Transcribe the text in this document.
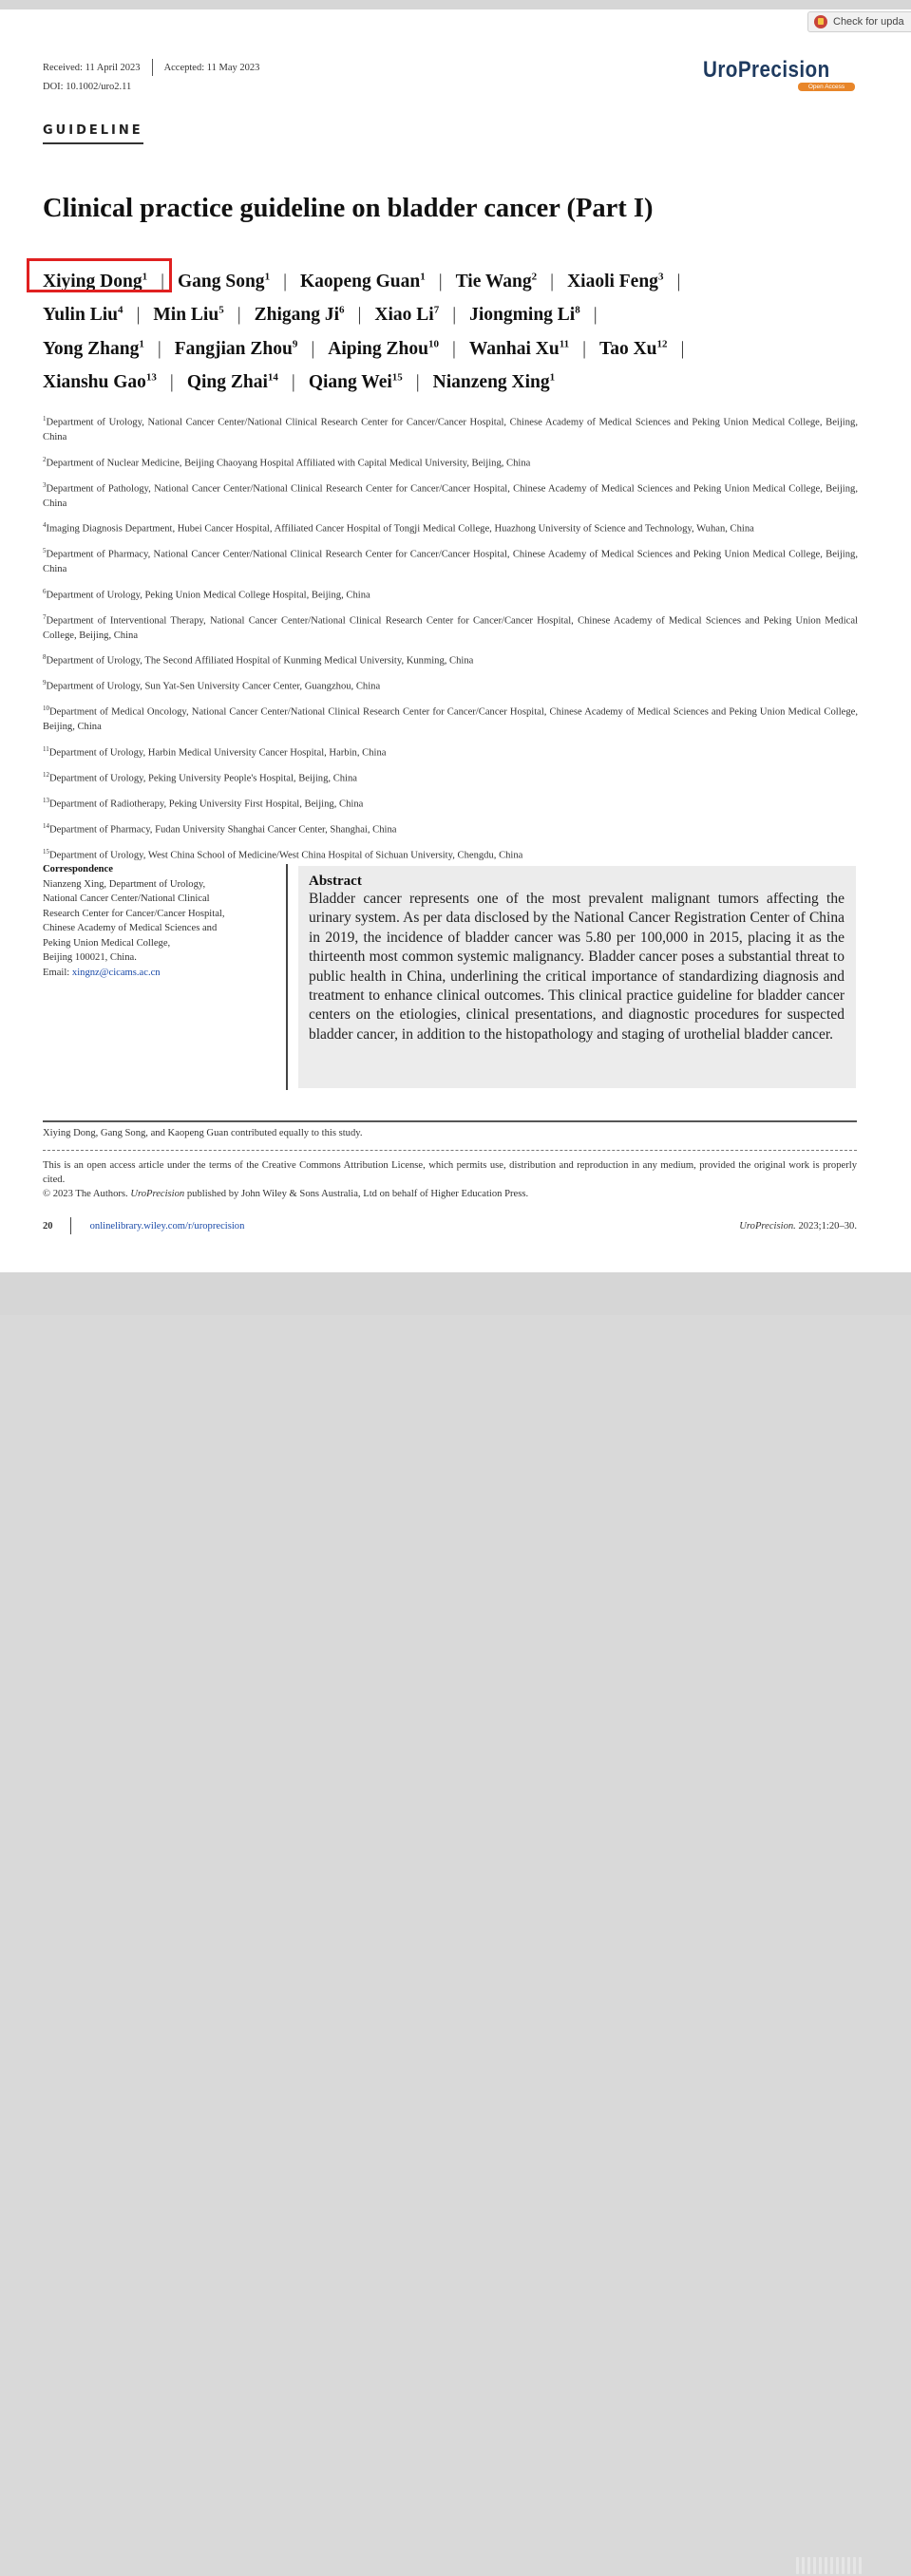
Check for upda
Received: 11 April 2023 Accepted: 11 May 2023
DOI: 10.1002/uro2.11
UroPrecision
Open Access
GUIDELINE
Clinical practice guideline on bladder cancer (Part I)
Xiying Dong$^1$ | Gang Song$^1$ | Kaopeng Guan$^1$ | Tie Wang$^2$ | Xiaoli Feng$^3$ |
Yulin Liu$^4$ | Min Liu$^5$ | Zhigang Ji$^6$ | Xiao Li$^7$ | Jiongming Li$^8$ |
Yong Zhang$^1$ | Fangjian Zhou$^9$ | Aiping Zhou$^{10}$ | Wanhai Xu$^{11}$ | Tao Xu$^{12}$ |
Xianshu Gao$^{13}$ | Qing Zhai$^{14}$ | Qiang Wei$^{15}$ | Nianzeng Xing$^1$
$^1$Department of Urology, National Cancer Center/National Clinical Research Center for Cancer/Cancer Hospital, Chinese Academy of Medical Sciences and Peking Union Medical College, Beijing, China
$^2$Department of Nuclear Medicine, Beijing Chaoyang Hospital Affiliated with Capital Medical University, Beijing, China
$^3$Department of Pathology, National Cancer Center/National Clinical Research Center for Cancer/Cancer Hospital, Chinese Academy of Medical Sciences and Peking Union Medical College, Beijing, China
$^4$Imaging Diagnosis Department, Hubei Cancer Hospital, Affiliated Cancer Hospital of Tongji Medical College, Huazhong University of Science and Technology, Wuhan, China
$^5$Department of Pharmacy, National Cancer Center/National Clinical Research Center for Cancer/Cancer Hospital, Chinese Academy of Medical Sciences and Peking Union Medical College, Beijing, China
$^6$Department of Urology, Peking Union Medical College Hospital, Beijing, China
$^7$Department of Interventional Therapy, National Cancer Center/National Clinical Research Center for Cancer/Cancer Hospital, Chinese Academy of Medical Sciences and Peking Union Medical College, Beijing, China
$^8$Department of Urology, The Second Affiliated Hospital of Kunming Medical University, Kunming, China
$^9$Department of Urology, Sun Yat-Sen University Cancer Center, Guangzhou, China
$^{10}$Department of Medical Oncology, National Cancer Center/National Clinical Research Center for Cancer/Cancer Hospital, Chinese Academy of Medical Sciences and Peking Union Medical College, Beijing, China
$^{11}$Department of Urology, Harbin Medical University Cancer Hospital, Harbin, China
$^{12}$Department of Urology, Peking University People's Hospital, Beijing, China
$^{13}$Department of Radiotherapy, Peking University First Hospital, Beijing, China
$^{14}$Department of Pharmacy, Fudan University Shanghai Cancer Center, Shanghai, China
$^{15}$Department of Urology, West China School of Medicine/West China Hospital of Sichuan University, Chengdu, China
Correspondence
Nianzeng Xing, Department of Urology,
National Cancer Center/National Clinical
Research Center for Cancer/Cancer Hospital,
Chinese Academy of Medical Sciences and
Peking Union Medical College,
Beijing 100021, China.
Email: xingnz@cicams.ac.cn
Abstract
Bladder cancer represents one of the most prevalent malignant tumors affecting the urinary system. As per data disclosed by the National Cancer Registration Center of China in 2019, the incidence of bladder cancer was 5.80 per 100,000 in 2015, placing it as the thirteenth most common systemic malignancy. Bladder cancer poses a substantial threat to public health in China, underlining the critical importance of standardizing diagnosis and treatment to enhance clinical outcomes. This clinical practice guideline for bladder cancer centers on the etiologies, clinical presentations, and diagnostic procedures for suspected bladder cancer, in addition to the histopathology and staging of urothelial bladder cancer.
Xiying Dong, Gang Song, and Kaopeng Guan contributed equally to this study.
This is an open access article under the terms of the Creative Commons Attribution License, which permits use, distribution and reproduction in any medium, provided the original work is properly cited.
© 2023 The Authors. UroPrecision published by John Wiley & Sons Australia, Ltd on behalf of Higher Education Press.
20	onlinelibrary.wiley.com/r/uroprecision	UroPrecision. 2023;1:20–30.
